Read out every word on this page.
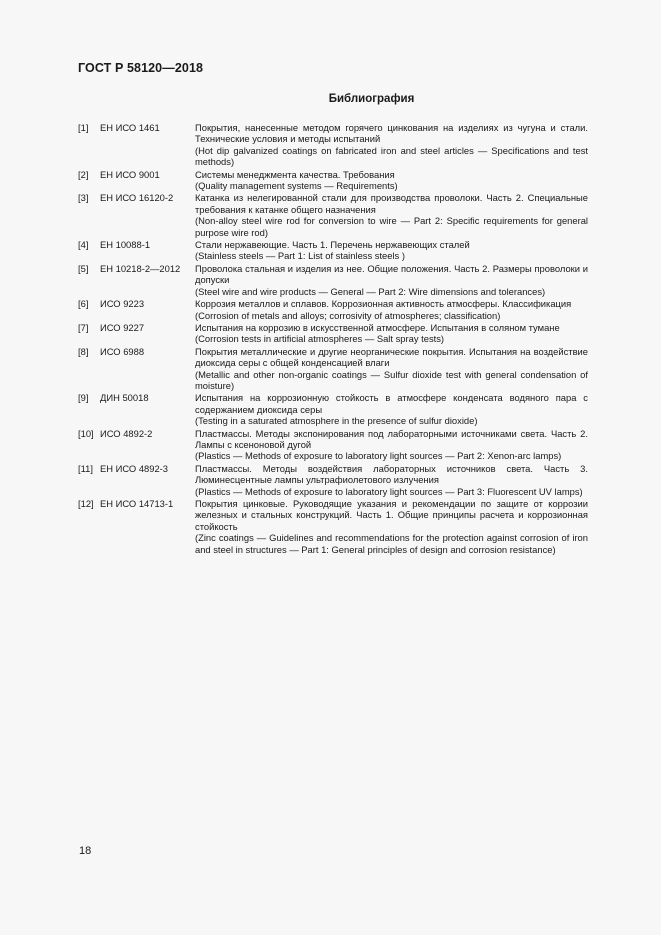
ГОСТ Р 58120—2018
Библиография
[1]	ЕН ИСО 1461	Покрытия, нанесенные методом горячего цинкования на изделиях из чугуна и стали. Технические условия и методы испытаний
(Hot dip galvanized coatings on fabricated iron and steel articles — Specifications and test methods)
[2]	ЕН ИСО 9001	Системы менеджмента качества. Требования
(Quality management systems — Requirements)
[3]	ЕН ИСО 16120-2	Катанка из нелегированной стали для производства проволоки. Часть 2. Специальные требования к катанке общего назначения
(Non-alloy steel wire rod for conversion to wire — Part 2: Specific requirements for general purpose wire rod)
[4]	ЕН 10088-1	Стали нержавеющие. Часть 1. Перечень нержавеющих сталей
(Stainless steels — Part 1: List of stainless steels )
[5]	ЕН 10218-2—2012	Проволока стальная и изделия из нее. Общие положения. Часть 2. Размеры проволоки и допуски
(Steel wire and wire products — General — Part 2: Wire dimensions and tolerances)
[6]	ИСО 9223	Коррозия металлов и сплавов. Коррозионная активность атмосферы. Классификация
(Corrosion of metals and alloys; corrosivity of atmospheres; classification)
[7]	ИСО 9227	Испытания на коррозию в искусственной атмосфере. Испытания в соляном тумане
(Corrosion tests in artificial atmospheres — Salt spray tests)
[8]	ИСО 6988	Покрытия металлические и другие неорганические покрытия. Испытания на воздействие диоксида серы с общей конденсацией влаги
(Metallic and other non-organic coatings — Sulfur dioxide test with general condensation of moisture)
[9]	ДИН 50018	Испытания на коррозионную стойкость в атмосфере конденсата водяного пара с содержанием диоксида серы
(Testing in a saturated atmosphere in the presence of sulfur dioxide)
[10] ИСО 4892-2	Пластмассы. Методы экспонирования под лабораторными источниками света. Часть 2. Лампы с ксеноновой дугой
(Plastics — Methods of exposure to laboratory light sources — Part 2: Xenon-arc lamps)
[11] ЕН ИСО 4892-3	Пластмассы. Методы воздействия лабораторных источников света. Часть 3. Люминесцентные лампы ультрафиолетового излучения
(Plastics — Methods of exposure to laboratory light sources — Part 3: Fluorescent UV lamps)
[12] ЕН ИСО 14713-1	Покрытия цинковые. Руководящие указания и рекомендации по защите от коррозии железных и стальных конструкций. Часть 1. Общие принципы расчета и коррозионная стойкость
(Zinc coatings — Guidelines and recommendations for the protection against corrosion of iron and steel in structures — Part 1: General principles of design and corrosion resistance)
18
